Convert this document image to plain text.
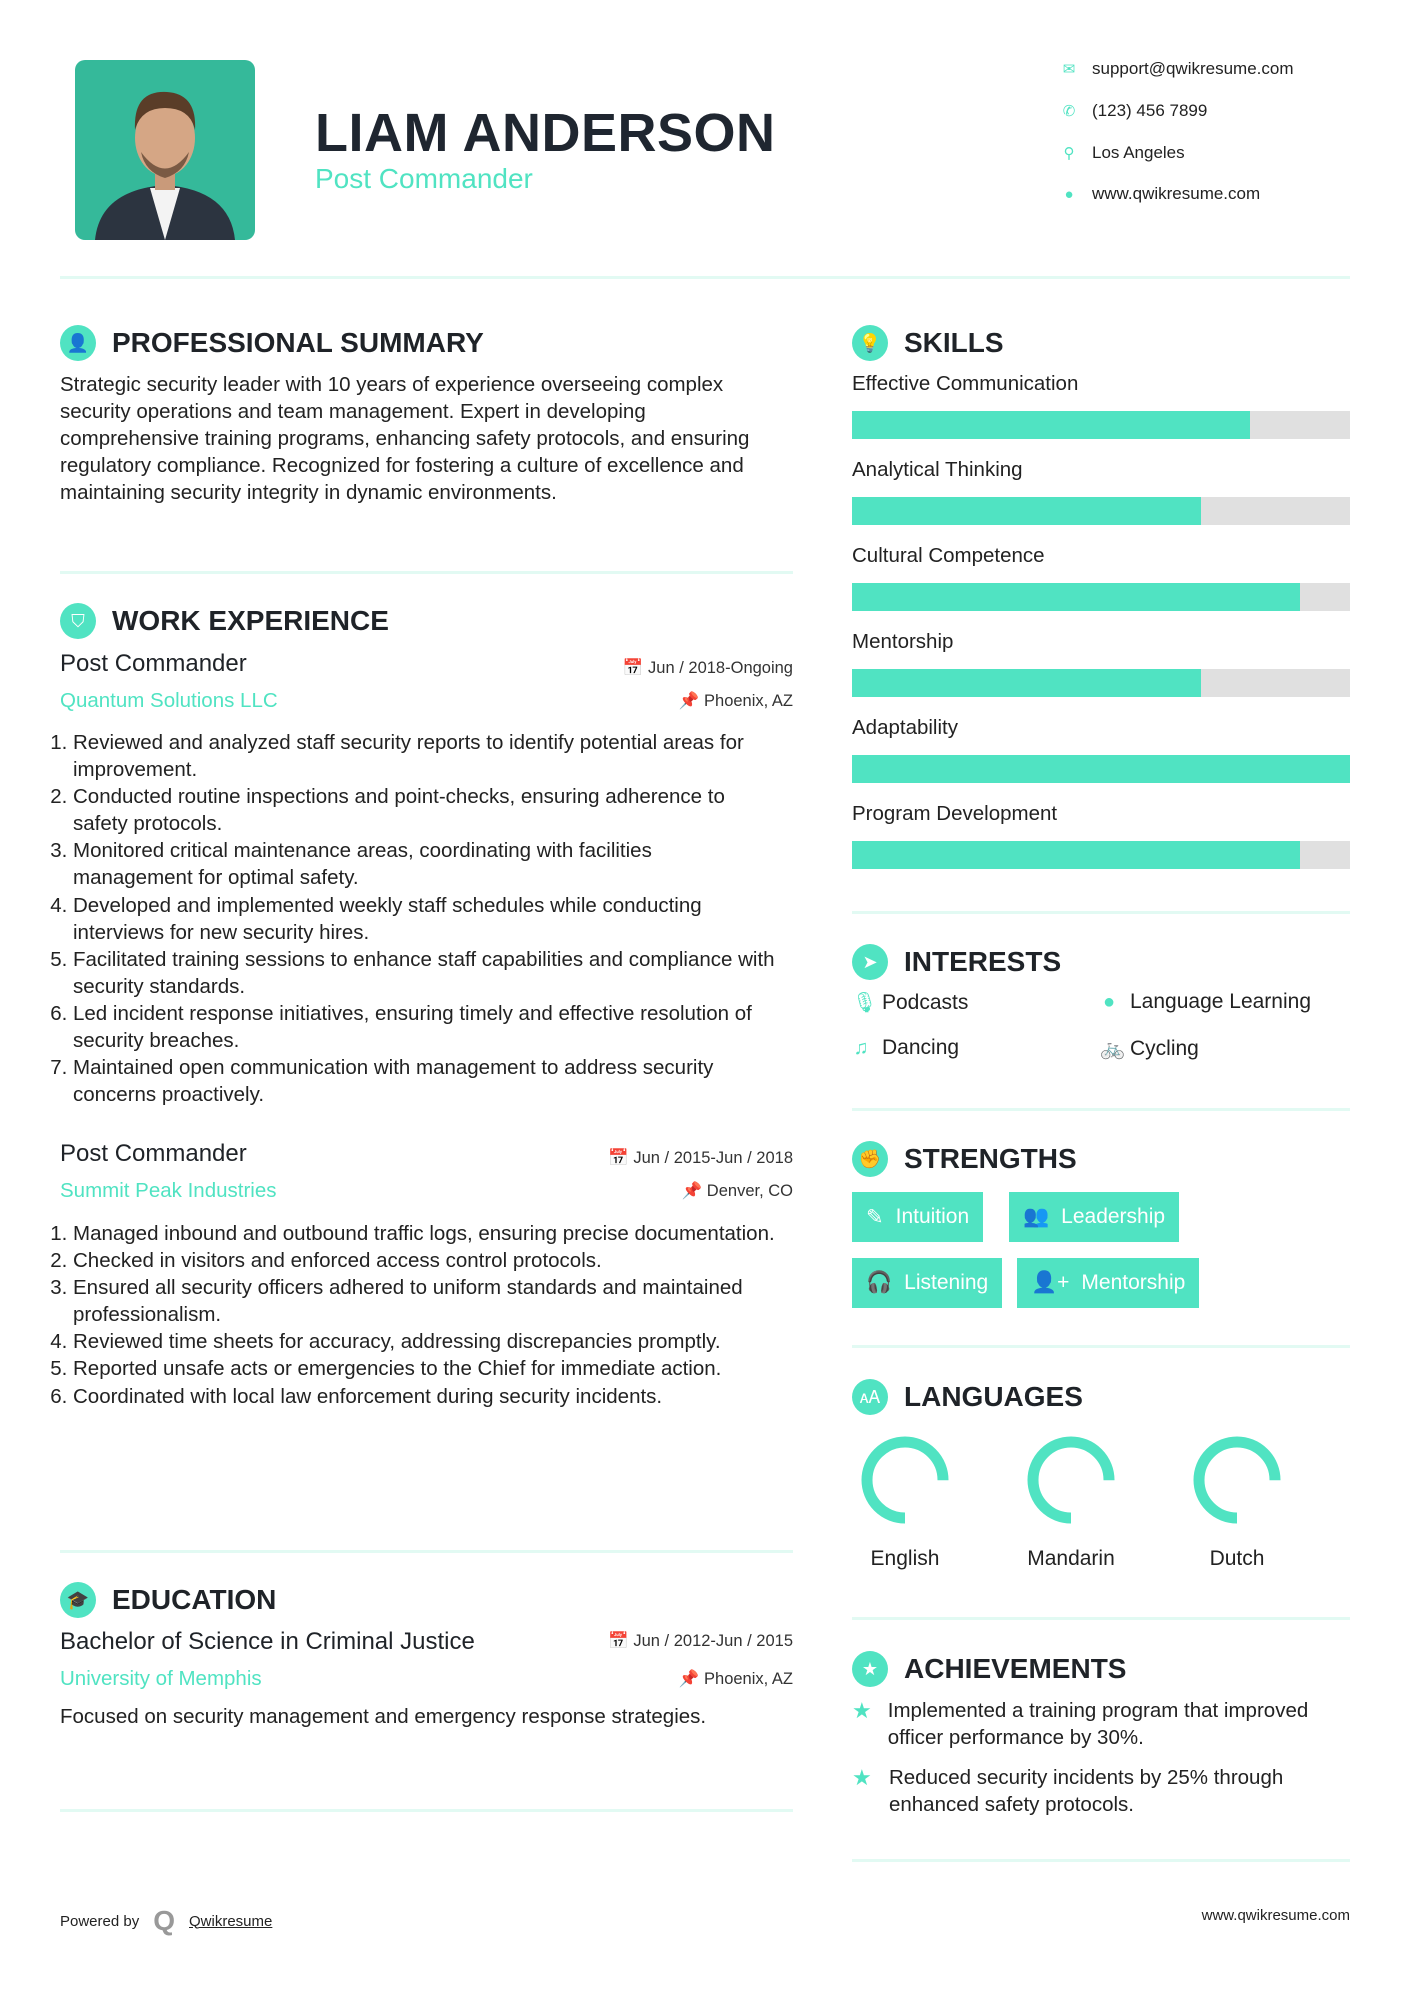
LIAM ANDERSON
Post Commander
✉ support@qwikresume.com
✆ (123) 456 7899
⚲ Los Angeles
● www.qwikresume.com
👤 PROFESSIONAL SUMMARY
Strategic security leader with 10 years of experience overseeing complex security operations and team management. Expert in developing comprehensive training programs, enhancing safety protocols, and ensuring regulatory compliance. Recognized for fostering a culture of excellence and maintaining security integrity in dynamic environments.
⛉ WORK EXPERIENCE
Post Commander	📅 Jun / 2018-Ongoing
Quantum Solutions LLC	📌 Phoenix, AZ
1. Reviewed and analyzed staff security reports to identify potential areas for improvement.
2. Conducted routine inspections and point-checks, ensuring adherence to safety protocols.
3. Monitored critical maintenance areas, coordinating with facilities management for optimal safety.
4. Developed and implemented weekly staff schedules while conducting interviews for new security hires.
5. Facilitated training sessions to enhance staff capabilities and compliance with security standards.
6. Led incident response initiatives, ensuring timely and effective resolution of security breaches.
7. Maintained open communication with management to address security concerns proactively.
Post Commander	📅 Jun / 2015-Jun / 2018
Summit Peak Industries	📌 Denver, CO
1. Managed inbound and outbound traffic logs, ensuring precise documentation.
2. Checked in visitors and enforced access control protocols.
3. Ensured all security officers adhered to uniform standards and maintained professionalism.
4. Reviewed time sheets for accuracy, addressing discrepancies promptly.
5. Reported unsafe acts or emergencies to the Chief for immediate action.
6. Coordinated with local law enforcement during security incidents.
🎓 EDUCATION
Bachelor of Science in Criminal Justice	📅 Jun / 2012-Jun / 2015
University of Memphis	📌 Phoenix, AZ
Focused on security management and emergency response strategies.
💡 SKILLS
Effective Communication
Analytical Thinking
Cultural Competence
Mentorship
Adaptability
Program Development
➤ INTERESTS
🎙 Podcasts	● Language Learning
♫ Dancing	🚲 Cycling
✊ STRENGTHS
✎ Intuition	👥 Leadership
🎧 Listening 👤+ Mentorship
🗚 LANGUAGES
English	Mandarin	Dutch
★ ACHIEVEMENTS
★ Implemented a training program that improved officer performance by 30%.
★ Reduced security incidents by 25% through enhanced safety protocols.
Powered by Q Qwikresume	www.qwikresume.com
